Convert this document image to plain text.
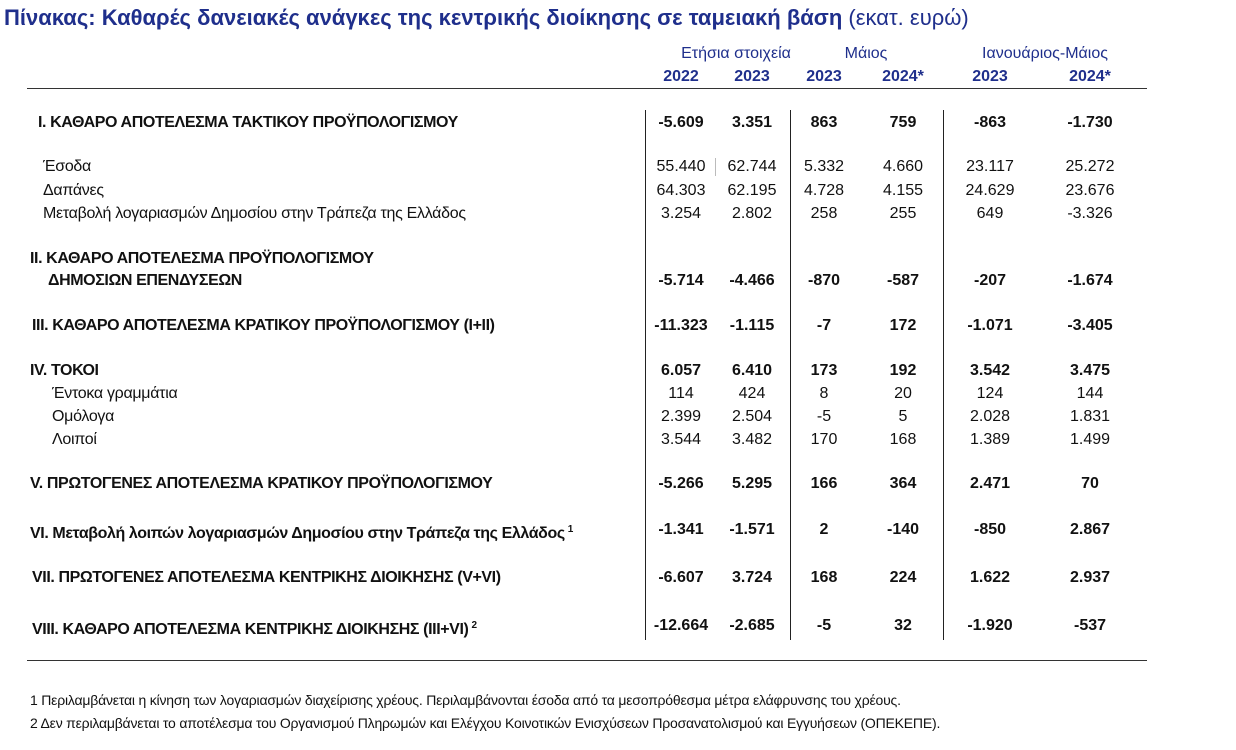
Πίνακας: Καθαρές δανειακές ανάγκες της κεντρικής διοίκησης σε ταμειακή βάση (εκατ. ευρώ)
Ετήσια στοιχεία	Μάιος	Ιανουάριος-Μάιος
2022	2023	2023	2024*	2023	2024*
I. ΚΑΘΑΡΟ ΑΠΟΤΕΛΕΣΜΑ ΤΑΚΤΙΚΟΥ ΠΡΟΫΠΟΛΟΓΙΣΜΟΥ	-5.609	3.351	863	759	-863	-1.730
Έσοδα	55.440	62.744	5.332	4.660	23.117	25.272
Δαπάνες	64.303	62.195	4.728	4.155	24.629	23.676
Μεταβολή λογαριασμών Δημοσίου στην Τράπεζα της Ελλάδος	3.254	2.802	258	255	649	-3.326
II. ΚΑΘΑΡΟ ΑΠΟΤΕΛΕΣΜΑ ΠΡΟΫΠΟΛΟΓΙΣΜΟΥ
ΔΗΜΟΣΙΩΝ ΕΠΕΝΔΥΣΕΩΝ	-5.714	-4.466	-870	-587	-207	-1.674
III. ΚΑΘΑΡΟ ΑΠΟΤΕΛΕΣΜΑ ΚΡΑΤΙΚΟΥ ΠΡΟΫΠΟΛΟΓΙΣΜΟΥ (I+II)	-11.323	-1.115	-7	172	-1.071	-3.405
IV. ΤΟΚΟΙ	6.057	6.410	173	192	3.542	3.475
Έντοκα γραμμάτια	114	424	8	20	124	144
Ομόλογα	2.399	2.504	-5	5	2.028	1.831
Λοιποί	3.544	3.482	170	168	1.389	1.499
V. ΠΡΩΤΟΓΕΝΕΣ ΑΠΟΤΕΛΕΣΜΑ ΚΡΑΤΙΚΟΥ ΠΡΟΫΠΟΛΟΓΙΣΜΟΥ	-5.266	5.295	166	364	2.471	70
VI. Μεταβολή λοιπών λογαριασμών Δημοσίου στην Τράπεζα της Ελλάδος $^1$	-1.341	-1.571	2	-140	-850	2.867
VII. ΠΡΩΤΟΓΕΝΕΣ ΑΠΟΤΕΛΕΣΜΑ ΚΕΝΤΡΙΚΗΣ ΔΙΟΙΚΗΣΗΣ (V+VI)	-6.607	3.724	168	224	1.622	2.937
VIII. ΚΑΘΑΡΟ ΑΠΟΤΕΛΕΣΜΑ ΚΕΝΤΡΙΚΗΣ ΔΙΟΙΚΗΣΗΣ (III+VI) $^2$	-12.664	-2.685	-5	32	-1.920	-537
1 Περιλαμβάνεται η κίνηση των λογαριασμών διαχείρισης χρέους. Περιλαμβάνονται έσοδα από τα μεσοπρόθεσμα μέτρα ελάφρυνσης του χρέους.
2 Δεν περιλαμβάνεται το αποτέλεσμα του Οργανισμού Πληρωμών και Ελέγχου Κοινοτικών Ενισχύσεων Προσανατολισμού και Εγγυήσεων (ΟΠΕΚΕΠΕ).
